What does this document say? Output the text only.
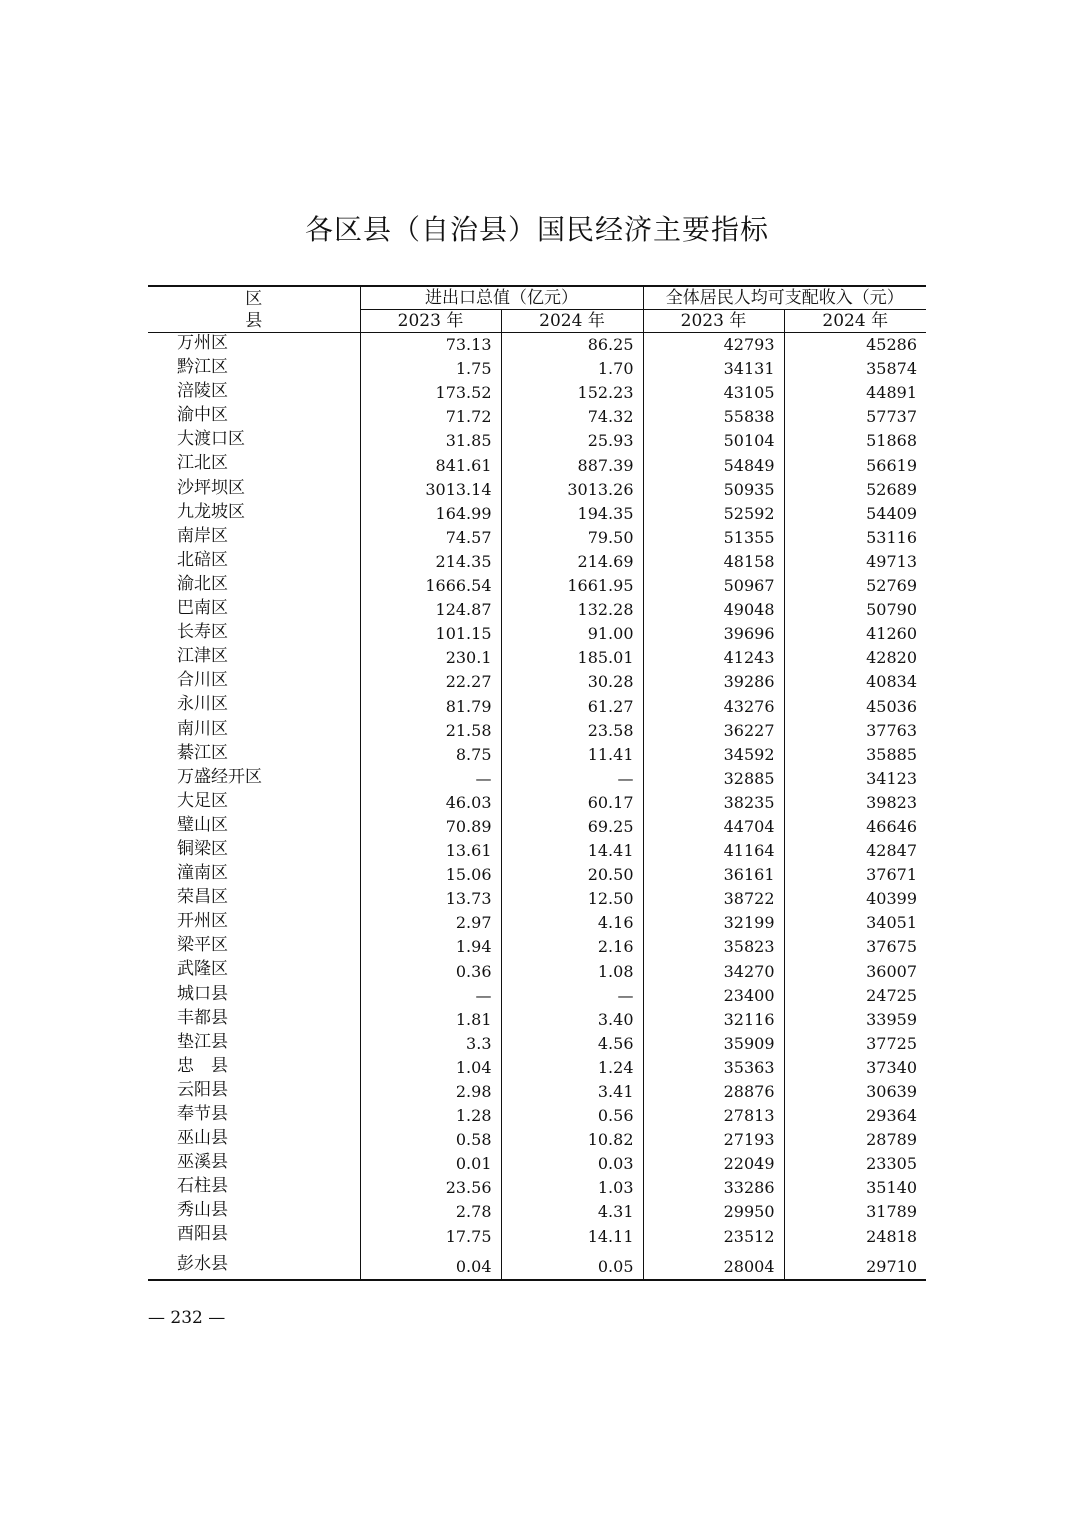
各区县（自治县）国民经济主要指标
区县	进出口总值（亿元）		全体居民人均可支配收入（元）	
	2023 年	2024 年	2023 年	2024 年
万州区	73.13	86.25	42793	45286
黔江区	1.75	1.70	34131	35874
涪陵区	173.52	152.23	43105	44891
渝中区	71.72	74.32	55838	57737
大渡口区	31.85	25.93	50104	51868
江北区	841.61	887.39	54849	56619
沙坪坝区	3013.14	3013.26	50935	52689
九龙坡区	164.99	194.35	52592	54409
南岸区	74.57	79.50	51355	53116
北碚区	214.35	214.69	48158	49713
渝北区	1666.54	1661.95	50967	52769
巴南区	124.87	132.28	49048	50790
长寿区	101.15	91.00	39696	41260
江津区	230.1	185.01	41243	42820
合川区	22.27	30.28	39286	40834
永川区	81.79	61.27	43276	45036
南川区	21.58	23.58	36227	37763
綦江区	8.75	11.41	34592	35885
万盛经开区	—	—	32885	34123
大足区	46.03	60.17	38235	39823
璧山区	70.89	69.25	44704	46646
铜梁区	13.61	14.41	41164	42847
潼南区	15.06	20.50	36161	37671
荣昌区	13.73	12.50	38722	40399
开州区	2.97	4.16	32199	34051
梁平区	1.94	2.16	35823	37675
武隆区	0.36	1.08	34270	36007
城口县	—	—	23400	24725
丰都县	1.81	3.40	32116	33959
垫江县	3.3	4.56	35909	37725
忠　县	1.04	1.24	35363	37340
云阳县	2.98	3.41	28876	30639
奉节县	1.28	0.56	27813	29364
巫山县	0.58	10.82	27193	28789
巫溪县	0.01	0.03	22049	23305
石柱县	23.56	1.03	33286	35140
秀山县	2.78	4.31	29950	31789
酉阳县	17.75	14.11	23512	24818
彭水县	0.04	0.05	28004	29710
— 232 —
